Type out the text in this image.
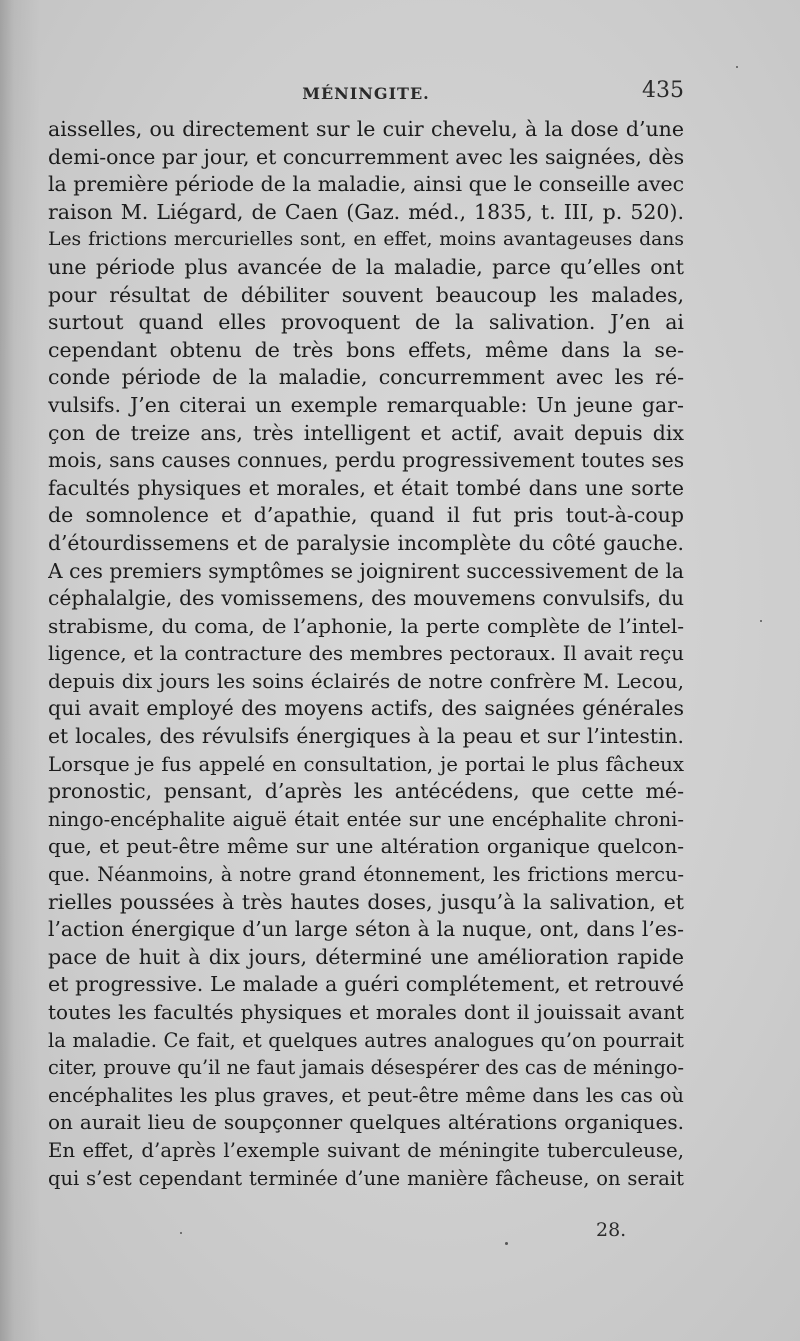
MÉNINGITE.	435
aisselles, ou directement sur le cuir chevelu, à la dose d’une
demi-once par jour, et concurremment avec les saignées, dès
la première période de la maladie, ainsi que le conseille avec
raison M. Liégard, de Caen (Gaz. méd., 1835, t. III, p. 520).
Les frictions mercurielles sont, en effet, moins avantageuses dans
une période plus avancée de la maladie, parce qu’elles ont
pour résultat de débiliter souvent beaucoup les malades,
surtout quand elles provoquent de la salivation. J’en ai
cependant obtenu de très bons effets, même dans la se-
conde période de la maladie, concurremment avec les ré-
vulsifs. J’en citerai un exemple remarquable: Un jeune gar-
çon de treize ans, très intelligent et actif, avait depuis dix
mois, sans causes connues, perdu progressivement toutes ses
facultés physiques et morales, et était tombé dans une sorte
de somnolence et d’apathie, quand il fut pris tout-à-coup
d’étourdissemens et de paralysie incomplète du côté gauche.
A ces premiers symptômes se joignirent successivement de la
céphalalgie, des vomissemens, des mouvemens convulsifs, du
strabisme, du coma, de l’aphonie, la perte complète de l’intel-
ligence, et la contracture des membres pectoraux. Il avait reçu
depuis dix jours les soins éclairés de notre confrère M. Lecou,
qui avait employé des moyens actifs, des saignées générales
et locales, des révulsifs énergiques à la peau et sur l’intestin.
Lorsque je fus appelé en consultation, je portai le plus fâcheux
pronostic, pensant, d’après les antécédens, que cette mé-
ningo-encéphalite aiguë était entée sur une encéphalite chroni-
que, et peut-être même sur une altération organique quelcon-
que. Néanmoins, à notre grand étonnement, les frictions mercu-
rielles poussées à très hautes doses, jusqu’à la salivation, et
l’action énergique d’un large séton à la nuque, ont, dans l’es-
pace de huit à dix jours, déterminé une amélioration rapide
et progressive. Le malade a guéri complétement, et retrouvé
toutes les facultés physiques et morales dont il jouissait avant
la maladie. Ce fait, et quelques autres analogues qu’on pourrait
citer, prouve qu’il ne faut jamais désespérer des cas de méningo-
encéphalites les plus graves, et peut-être même dans les cas où
on aurait lieu de soupçonner quelques altérations organiques.
En effet, d’après l’exemple suivant de méningite tuberculeuse,
qui s’est cependant terminée d’une manière fâcheuse, on serait
28.
